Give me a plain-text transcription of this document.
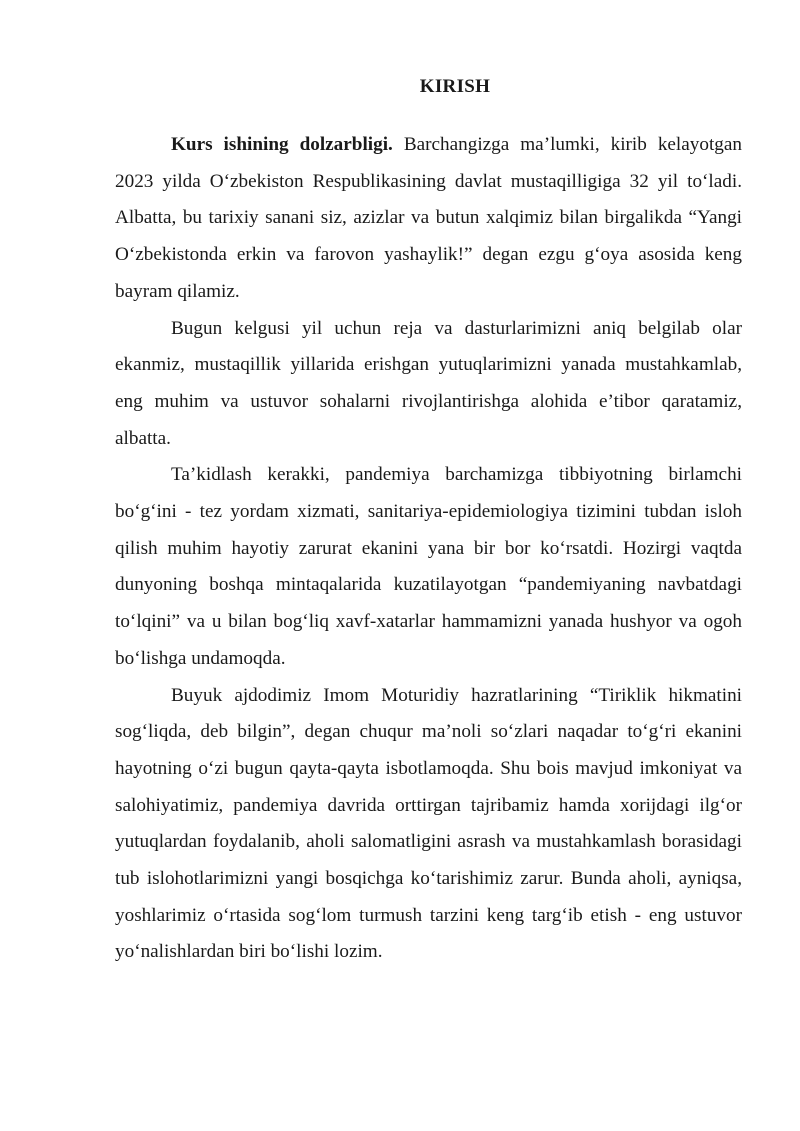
KIRISH

Kurs ishining dolzarbligi. Barchangizga ma’lumki, kirib kelayotgan 2023 yilda O‘zbekiston Respublikasining davlat mustaqilligiga 32 yil to‘ladi. Albatta, bu tarixiy sanani siz, azizlar va butun xalqimiz bilan birgalikda “Yangi O‘zbekistonda erkin va farovon yashaylik!” degan ezgu g‘oya asosida keng bayram qilamiz.

Bugun kelgusi yil uchun reja va dasturlarimizni aniq belgilab olar ekanmiz, mustaqillik yillarida erishgan yutuqlarimizni yanada mustahkamlab, eng muhim va ustuvor sohalarni rivojlantirishga alohida e’tibor qaratamiz, albatta.

Ta’kidlash kerakki, pandemiya barchamizga tibbiyotning birlamchi bo‘g‘ini - tez yordam xizmati, sanitariya-epidemiologiya tizimini tubdan isloh qilish muhim hayotiy zarurat ekanini yana bir bor ko‘rsatdi. Hozirgi vaqtda dunyoning boshqa mintaqalarida kuzatilayotgan “pandemiyaning navbatdagi to‘lqini” va u bilan bog‘liq xavf-xatarlar hammamizni yanada hushyor va ogoh bo‘lishga undamoqda.

Buyuk ajdodimiz Imom Moturidiy hazratlarining “Tiriklik hikmatini sog‘liqda, deb bilgin”, degan chuqur ma’noli so‘zlari naqadar to‘g‘ri ekanini hayotning o‘zi bugun qayta-qayta isbotlamoqda. Shu bois mavjud imkoniyat va salohiyatimiz, pandemiya davrida orttirgan tajribamiz hamda xorijdagi ilg‘or yutuqlardan foydalanib, aholi salomatligini asrash va mustahkamlash borasidagi tub islohotlarimizni yangi bosqichga ko‘tarishimiz zarur. Bunda aholi, ayniqsa, yoshlarimiz o‘rtasida sog‘lom turmush tarzini keng targ‘ib etish - eng ustuvor yo‘nalishlardan biri bo‘lishi lozim.
